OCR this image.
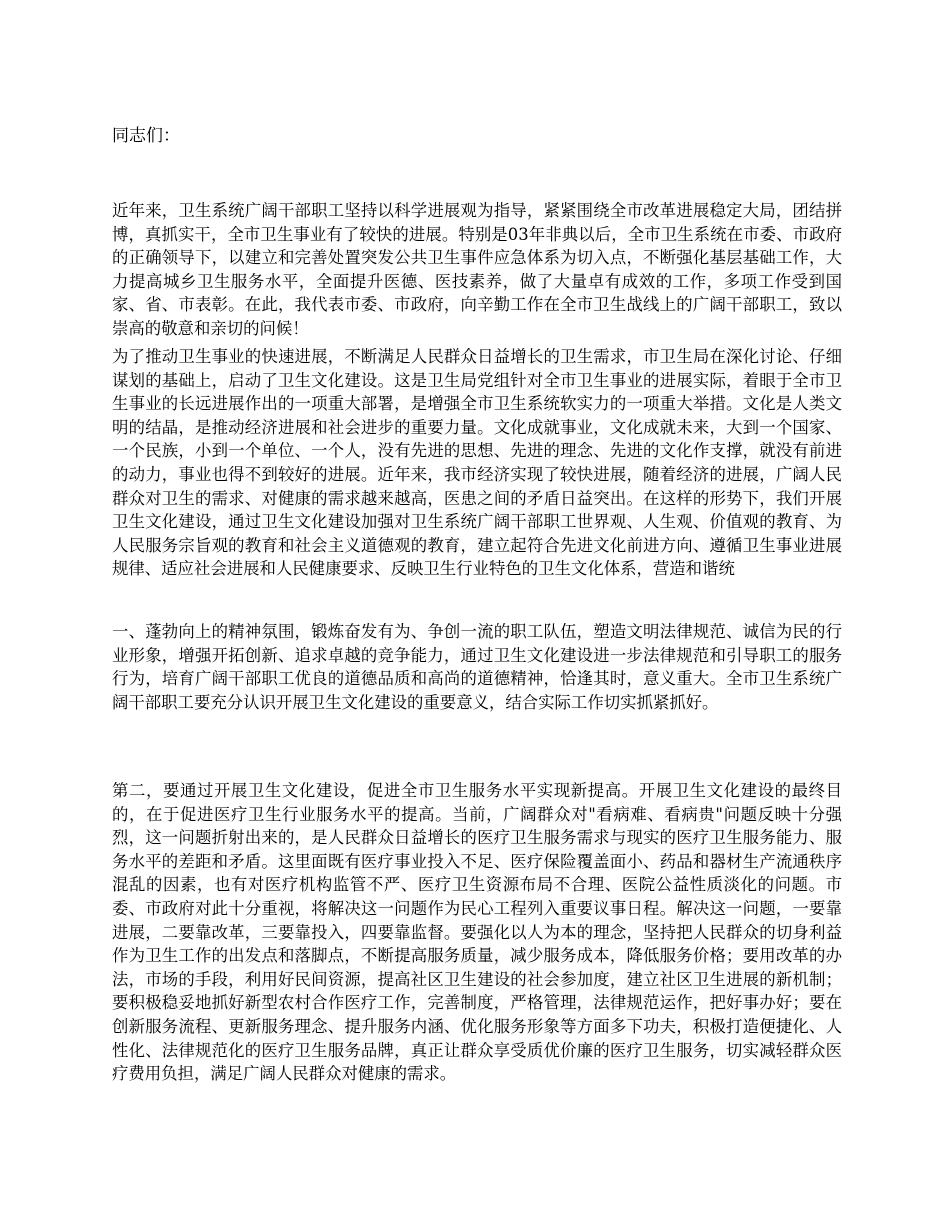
同志们：

近年来，卫生系统广阔干部职工坚持以科学进展观为指导，紧紧围绕全市改革进展稳定大局，团结拼博，真抓实干，全市卫生事业有了较快的进展。特别是03年非典以后，全市卫生系统在市委、市政府的正确领导下，以建立和完善处置突发公共卫生事件应急体系为切入点，不断强化基层基础工作，大力提高城乡卫生服务水平，全面提升医德、医技素养，做了大量卓有成效的工作，多项工作受到国家、省、市表彰。在此，我代表市委、市政府，向辛勤工作在全市卫生战线上的广阔干部职工，致以崇高的敬意和亲切的问候！

为了推动卫生事业的快速进展，不断满足人民群众日益增长的卫生需求，市卫生局在深化讨论、仔细谋划的基础上，启动了卫生文化建设。这是卫生局党组针对全市卫生事业的进展实际，着眼于全市卫生事业的长远进展作出的一项重大部署，是增强全市卫生系统软实力的一项重大举措。文化是人类文明的结晶，是推动经济进展和社会进步的重要力量。文化成就事业，文化成就未来，大到一个国家、一个民族，小到一个单位、一个人，没有先进的思想、先进的理念、先进的文化作支撑，就没有前进的动力，事业也得不到较好的进展。近年来，我市经济实现了较快进展，随着经济的进展，广阔人民群众对卫生的需求、对健康的需求越来越高，医患之间的矛盾日益突出。在这样的形势下，我们开展卫生文化建设，通过卫生文化建设加强对卫生系统广阔干部职工世界观、人生观、价值观的教育、为人民服务宗旨观的教育和社会主义道德观的教育，建立起符合先进文化前进方向、遵循卫生事业进展规律、适应社会进展和人民健康要求、反映卫生行业特色的卫生文化体系，营造和谐统

一、蓬勃向上的精神氛围，锻炼奋发有为、争创一流的职工队伍，塑造文明法律规范、诚信为民的行业形象，增强开拓创新、追求卓越的竞争能力，通过卫生文化建设进一步法律规范和引导职工的服务行为，培育广阔干部职工优良的道德品质和高尚的道德精神，恰逢其时，意义重大。全市卫生系统广阔干部职工要充分认识开展卫生文化建设的重要意义，结合实际工作切实抓紧抓好。

第二，要通过开展卫生文化建设，促进全市卫生服务水平实现新提高。开展卫生文化建设的最终目的，在于促进医疗卫生行业服务水平的提高。当前，广阔群众对"看病难、看病贵"问题反映十分强烈，这一问题折射出来的，是人民群众日益增长的医疗卫生服务需求与现实的医疗卫生服务能力、服务水平的差距和矛盾。这里面既有医疗事业投入不足、医疗保险覆盖面小、药品和器材生产流通秩序混乱的因素，也有对医疗机构监管不严、医疗卫生资源布局不合理、医院公益性质淡化的问题。市委、市政府对此十分重视，将解决这一问题作为民心工程列入重要议事日程。解决这一问题，一要靠进展，二要靠改革，三要靠投入，四要靠监督。要强化以人为本的理念，坚持把人民群众的切身利益作为卫生工作的出发点和落脚点，不断提高服务质量，减少服务成本，降低服务价格；要用改革的办法，市场的手段，利用好民间资源，提高社区卫生建设的社会参加度，建立社区卫生进展的新机制；要积极稳妥地抓好新型农村合作医疗工作，完善制度，严格管理，法律规范运作，把好事办好；要在创新服务流程、更新服务理念、提升服务内涵、优化服务形象等方面多下功夫，积极打造便捷化、人性化、法律规范化的医疗卫生服务品牌，真正让群众享受质优价廉的医疗卫生服务，切实减轻群众医疗费用负担，满足广阔人民群众对健康的需求。
